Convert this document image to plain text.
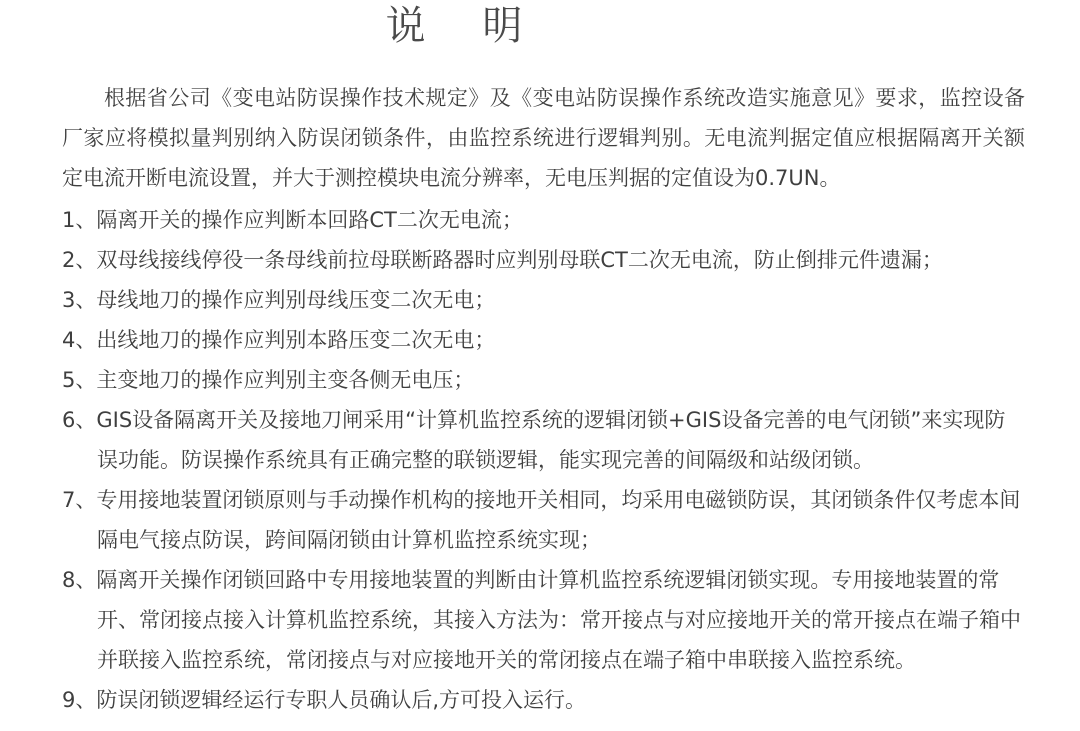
说 明

根据省公司《变电站防误操作技术规定》及《变电站防误操作系统改造实施意见》要求，监控设备厂家应将模拟量判别纳入防误闭锁条件，由监控系统进行逻辑判别。无电流判据定值应根据隔离开关额定电流开断电流设置，并大于测控模块电流分辨率，无电压判据的定值设为0.7UN。

1、隔离开关的操作应判断本回路CT二次无电流；

2、双母线接线停役一条母线前拉母联断路器时应判别母联CT二次无电流，防止倒排元件遗漏；

3、母线地刀的操作应判别母线压变二次无电；

4、出线地刀的操作应判别本路压变二次无电；

5、主变地刀的操作应判别主变各侧无电压；

6、GIS设备隔离开关及接地刀闸采用“计算机监控系统的逻辑闭锁+GIS设备完善的电气闭锁”来实现防误功能。防误操作系统具有正确完整的联锁逻辑，能实现完善的间隔级和站级闭锁。

7、专用接地装置闭锁原则与手动操作机构的接地开关相同，均采用电磁锁防误，其闭锁条件仅考虑本间隔电气接点防误，跨间隔闭锁由计算机监控系统实现；

8、隔离开关操作闭锁回路中专用接地装置的判断由计算机监控系统逻辑闭锁实现。专用接地装置的常开、常闭接点接入计算机监控系统，其接入方法为：常开接点与对应接地开关的常开接点在端子箱中并联接入监控系统，常闭接点与对应接地开关的常闭接点在端子箱中串联接入监控系统。

9、防误闭锁逻辑经运行专职人员确认后,方可投入运行。
